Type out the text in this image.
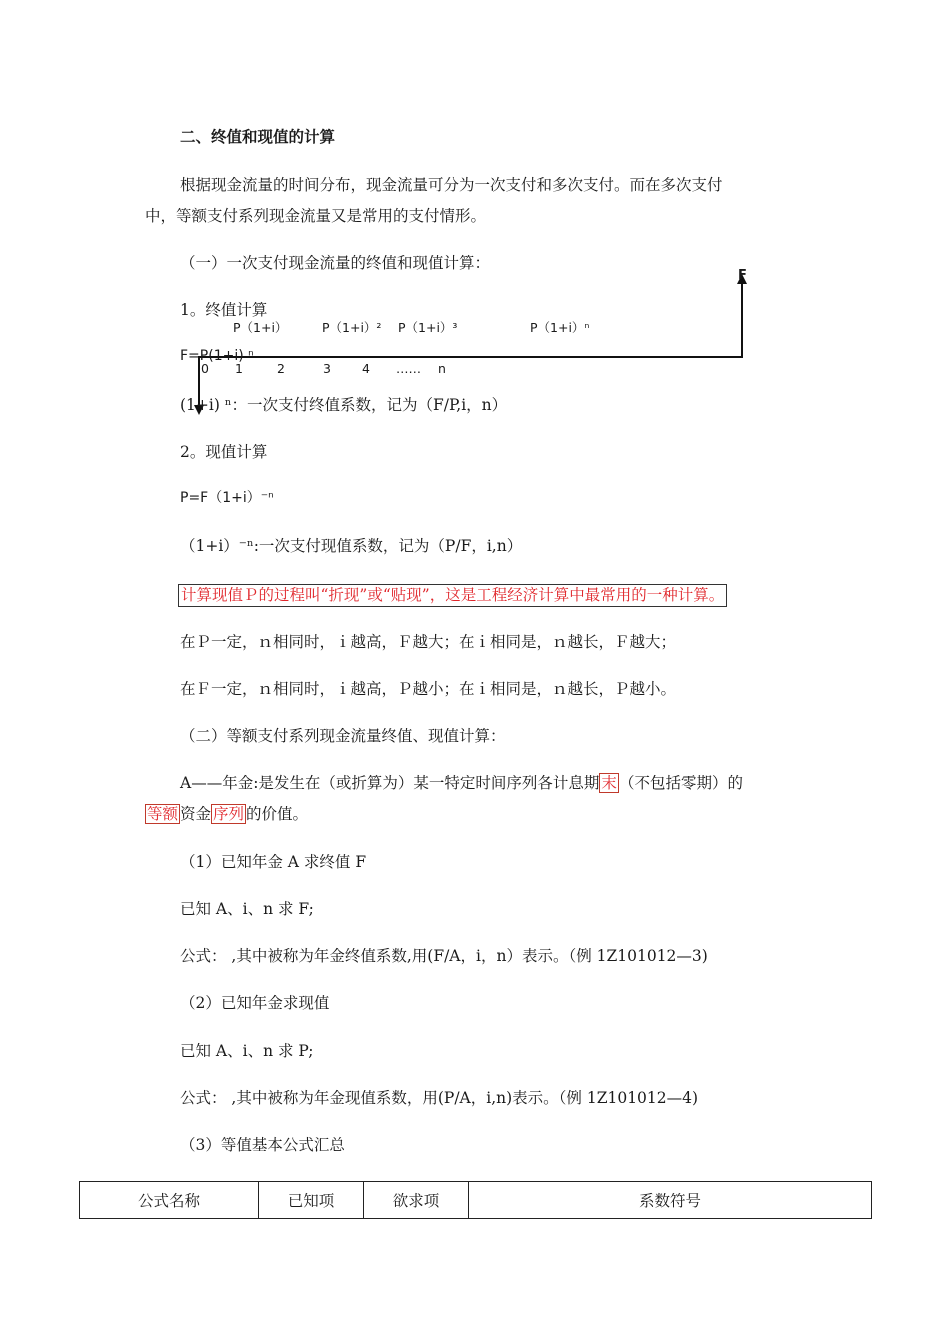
二、终值和现值的计算
根据现金流量的时间分布，现金流量可分为一次支付和多次支付。而在多次支付
中，等额支付系列现金流量又是常用的支付情形。
（一）一次支付现金流量的终值和现值计算：
1。终值计算
F
P（1+i）	P（1+i）² P（1+i）³	P（1+i）ⁿ
0 1	2	3 4 …… n
F=P(1+i) ⁿ
(1+i) ⁿ：一次支付终值系数，记为（F/P,i，n）
2。现值计算
P=F（1+i）⁻ⁿ
（1+i）⁻ⁿ:一次支付现值系数，记为（P/F，i,n）
计算现值Ｐ的过程叫“折现”或“贴现”，这是工程经济计算中最常用的一种计算。
在Ｐ一定，ｎ相同时，ｉ越高，Ｆ越大；在ｉ相同是，ｎ越长，Ｆ越大；
在Ｆ一定，ｎ相同时，ｉ越高，Ｐ越小；在ｉ相同是，ｎ越长，Ｐ越小。
（二）等额支付系列现金流量终值、现值计算：
A——年金:是发生在（或折算为）某一特定时间序列各计息期 末 （不包括零期）的
等额 资金 序列 的价值。
（1）已知年金 A 求终值 F
已知 A、i、n 求 F;
公式： ,其中被称为年金终值系数,用(F/A，i，n）表示。（例 1Z101012—3)
（2）已知年金求现值
已知 A、i、n 求 P;
公式： ,其中被称为年金现值系数，用(P/A，i,n)表示。（例 1Z101012—4)
（3）等值基本公式汇总
公式名称	已知项	欲求项	系数符号
